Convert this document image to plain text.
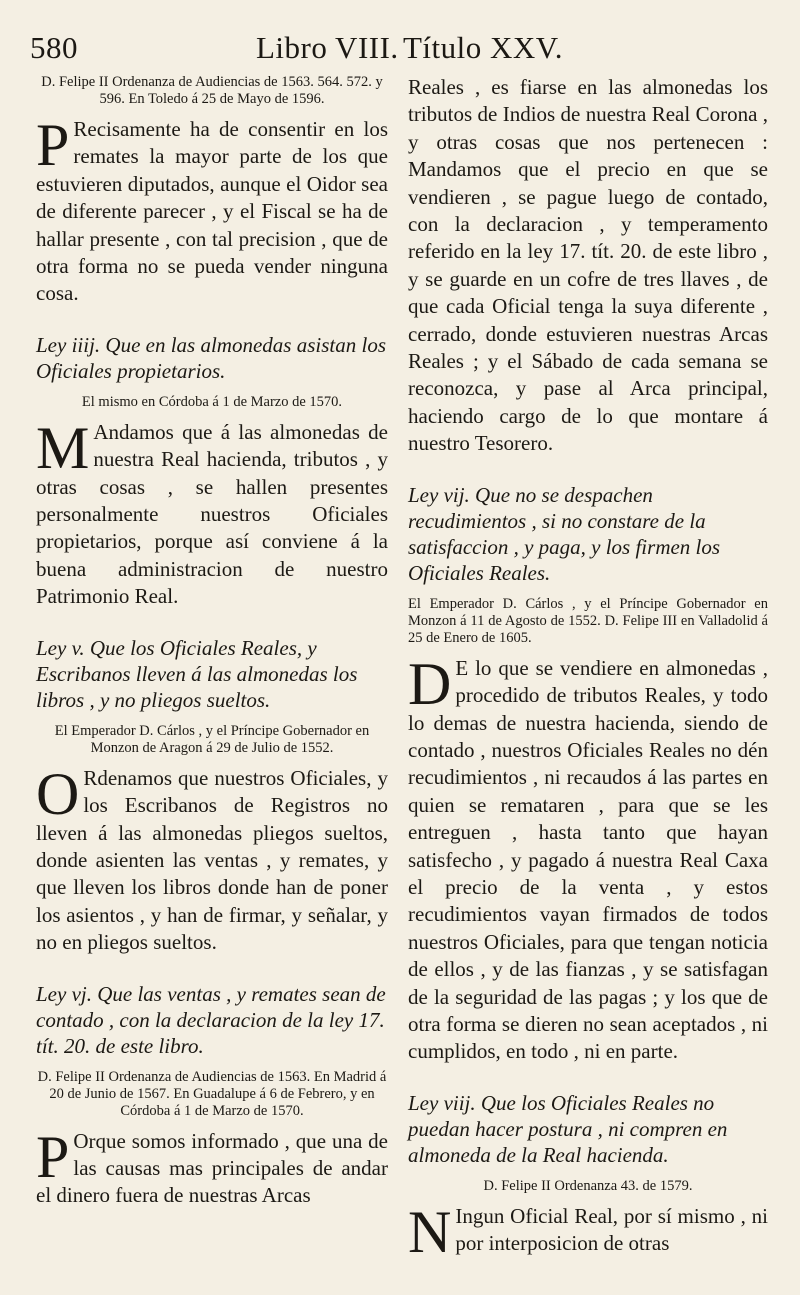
580	Libro VIII. Título XXV.

D. Felipe II Ordenanza de Audiencias de 1563. 564. 572. y 596. En Toledo á 25 de Mayo de 1596.

P Recisamente ha de consentir en los remates la mayor parte de los que estuvieren diputados, aunque el Oidor sea de diferente parecer , y el Fiscal se ha de hallar presente , con tal precision , que de otra forma no se pueda vender ninguna cosa.

Ley iiij. Que en las almonedas asistan los Oficiales propietarios.

El mismo en Córdoba á 1 de Marzo de 1570.

M Andamos que á las almonedas de nuestra Real hacienda, tributos , y otras cosas , se hallen presentes personalmente nuestros Oficiales propietarios, porque así conviene á la buena administracion de nuestro Patrimonio Real.

Ley v. Que los Oficiales Reales, y Escribanos lleven á las almonedas los libros , y no pliegos sueltos.

El Emperador D. Cárlos , y el Príncipe Gobernador en Monzon de Aragon á 29 de Julio de 1552.

O Rdenamos que nuestros Oficiales, y los Escribanos de Registros no lleven á las almonedas pliegos sueltos, donde asienten las ventas , y remates, y que lleven los libros donde han de poner los asientos , y han de firmar, y señalar, y no en pliegos sueltos.

Ley vj. Que las ventas , y remates sean de contado , con la declaracion de la ley 17. tít. 20. de este libro.

D. Felipe II Ordenanza de Audiencias de 1563. En Madrid á 20 de Junio de 1567. En Guadalupe á 6 de Febrero, y en Córdoba á 1 de Marzo de 1570.

P Orque somos informado , que una de las causas mas principales de andar el dinero fuera de nuestras Arcas

Reales , es fiarse en las almonedas los tributos de Indios de nuestra Real Corona , y otras cosas que nos pertenecen : Mandamos que el precio en que se vendieren , se pague luego de contado, con la declaracion , y temperamento referido en la ley 17. tít. 20. de este libro , y se guarde en un cofre de tres llaves , de que cada Oficial tenga la suya diferente , cerrado, donde estuvieren nuestras Arcas Reales ; y el Sábado de cada semana se reconozca, y pase al Arca principal, haciendo cargo de lo que montare á nuestro Tesorero.

Ley vij. Que no se despachen recudimientos , si no constare de la satisfaccion , y paga, y los firmen los Oficiales Reales.

El Emperador D. Cárlos , y el Príncipe Gobernador en Monzon á 11 de Agosto de 1552. D. Felipe III en Valladolid á 25 de Enero de 1605.

D E lo que se vendiere en almonedas , procedido de tributos Reales, y todo lo demas de nuestra hacienda, siendo de contado , nuestros Oficiales Reales no dén recudimientos , ni recaudos á las partes en quien se remataren , para que se les entreguen , hasta tanto que hayan satisfecho , y pagado á nuestra Real Caxa el precio de la venta , y estos recudimientos vayan firmados de todos nuestros Oficiales, para que tengan noticia de ellos , y de las fianzas , y se satisfagan de la seguridad de las pagas ; y los que de otra forma se dieren no sean aceptados , ni cumplidos, en todo , ni en parte.

Ley viij. Que los Oficiales Reales no puedan hacer postura , ni compren en almoneda de la Real hacienda.

D. Felipe II Ordenanza 43. de 1579.

N Ingun Oficial Real, por sí mismo , ni por interposicion de otras
